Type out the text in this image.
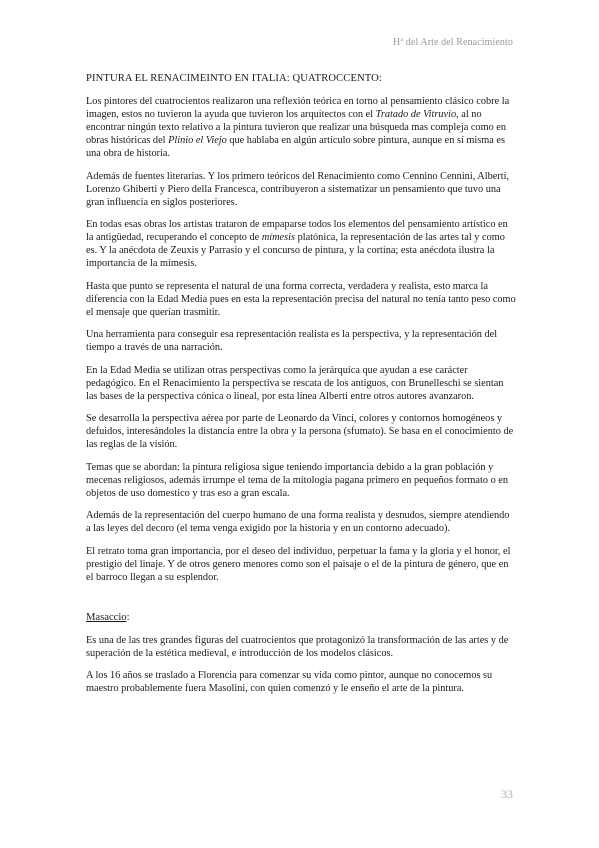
Hª del Arte del Renacimiento

PINTURA EL RENACIMEINTO EN ITALIA: QUATROCCENTO:

Los pintores del cuatrocientos realizaron una reflexión teórica en torno al pensamiento clásico cobre la imagen, estos no tuvieron la ayuda que tuvieron los arquitectos con el Tratado de Vitruvio, al no encontrar ningún texto relativo a la pintura tuvieron que realizar una búsqueda mas compleja como en obras históricas del Plinio el Viejo que hablaba en algún artículo sobre pintura, aunque en sí misma es una obra de historia.

Además de fuentes literarias. Y los primero teóricos del Renacimiento como Cennino Cennini, Alberti, Lorenzo Ghiberti y Piero della Francesca, contribuyeron a sistematizar un pensamiento que tuvo una gran influencia en siglos posteriores.

En todas esas obras los artistas trataron de empaparse todos los elementos del pensamiento artístico en la antigüedad, recuperando el concepto de mímesis platónica, la representación de las artes tal y como es. Y la anécdota de Zeuxis y Parrasio y el concurso de pintura, y la cortina; esta anécdota ilustra la importancia de la mímesis.

Hasta que punto se representa el natural de una forma correcta, verdadera y realista, esto marca la diferencia con la Edad Media pues en esta la representación precisa del natural no tenía tanto peso como el mensaje que querían trasmitir.

Una herramienta para conseguir esa representación realista es la perspectiva, y la representación del tiempo a través de una narración.

En la Edad Media se utilizan otras perspectivas como la jerárquica que ayudan a ese carácter pedagógico. En el Renacimiento la perspectiva se rescata de los antiguos, con Brunelleschi se sientan las bases de la perspectiva cónica o lineal, por esta línea Alberti entre otros autores avanzaron.

Se desarrolla la perspectiva aérea por parte de Leonardo da Vinci, colores y contornos homogéneos y defuidos, interesándoles la distancia entre la obra y la persona (sfumato). Se basa en el conocimiento de las reglas de la visión.

Temas que se abordan: la pintura religiosa sigue teniendo importancia debido a la gran población y mecenas religiosos, además irrumpe el tema de la mitología pagana primero en pequeños formato o en objetos de uso domestico y tras eso a gran escala.

Además de la representación del cuerpo humano de una forma realista y desnudos, siempre atendiendo a las leyes del decoro (el tema venga exigido por la historia y en un contorno adecuado).

El retrato toma gran importancia, por el deseo del individuo, perpetuar la fama y la gloria y el honor, el prestigio del linaje. Y de otros genero menores como son el paisaje o el de la pintura de género, que en el barroco llegan a su esplendor.

Masaccio:

Es una de las tres grandes figuras del cuatrocientos que protagonizó la transformación de las artes y de superación de la estética medieval, e introducción de los modelos clásicos.

A los 16 años se traslado a Florencia para comenzar su vida como pintor, aunque no conocemos su maestro probablemente fuera Masolini, con quien comenzó y le enseño el arte de la pintura.

33
